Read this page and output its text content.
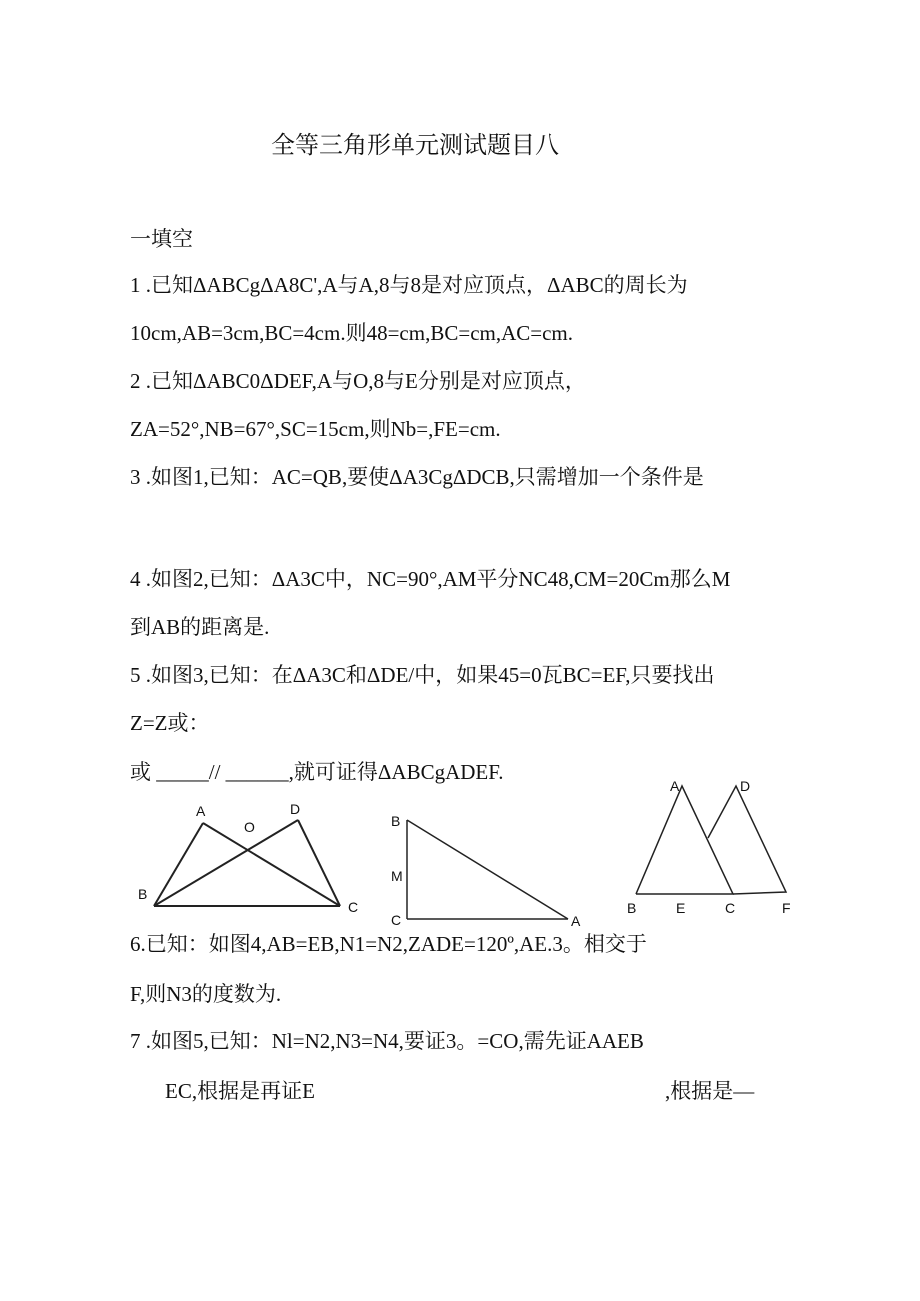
全等三角形单元测试题目八
一填空
1 .已知ΔABCgΔA8C',A与A,8与8是对应顶点，ΔABC的周长为
10cm,AB=3cm,BC=4cm.则48=cm,BC=cm,AC=cm.
2 .已知ΔABC0ΔDEF,A与O,8与E分别是对应顶点，
ZA=52°,NB=67°,SC=15cm,则Nb=,FE=cm.
3 .如图1,已知：AC=QB,要使ΔA3CgΔDCB,只需增加一个条件是
4 .如图2,已知：ΔA3C中，NC=90°,AM平分NC48,CM=20Cm那么M
到AB的距离是.
5 .如图3,已知：在ΔA3C和ΔDE/中，如果45=0瓦BC=EF,只要找出
Z=Z或：
或 _____// ______,就可证得ΔABCgADEF.
A
O
D
B
C
B
M
C	A
A	D
B	E	C	F
6.已知：如图4,AB=EB,N1=N2,ZADE=120º,AE.3。相交于
F,则N3的度数为.
7 .如图5,已知：Nl=N2,N3=N4,要证3。=CO,需先证AAEB
EC,根据是再证E	,根据是—
